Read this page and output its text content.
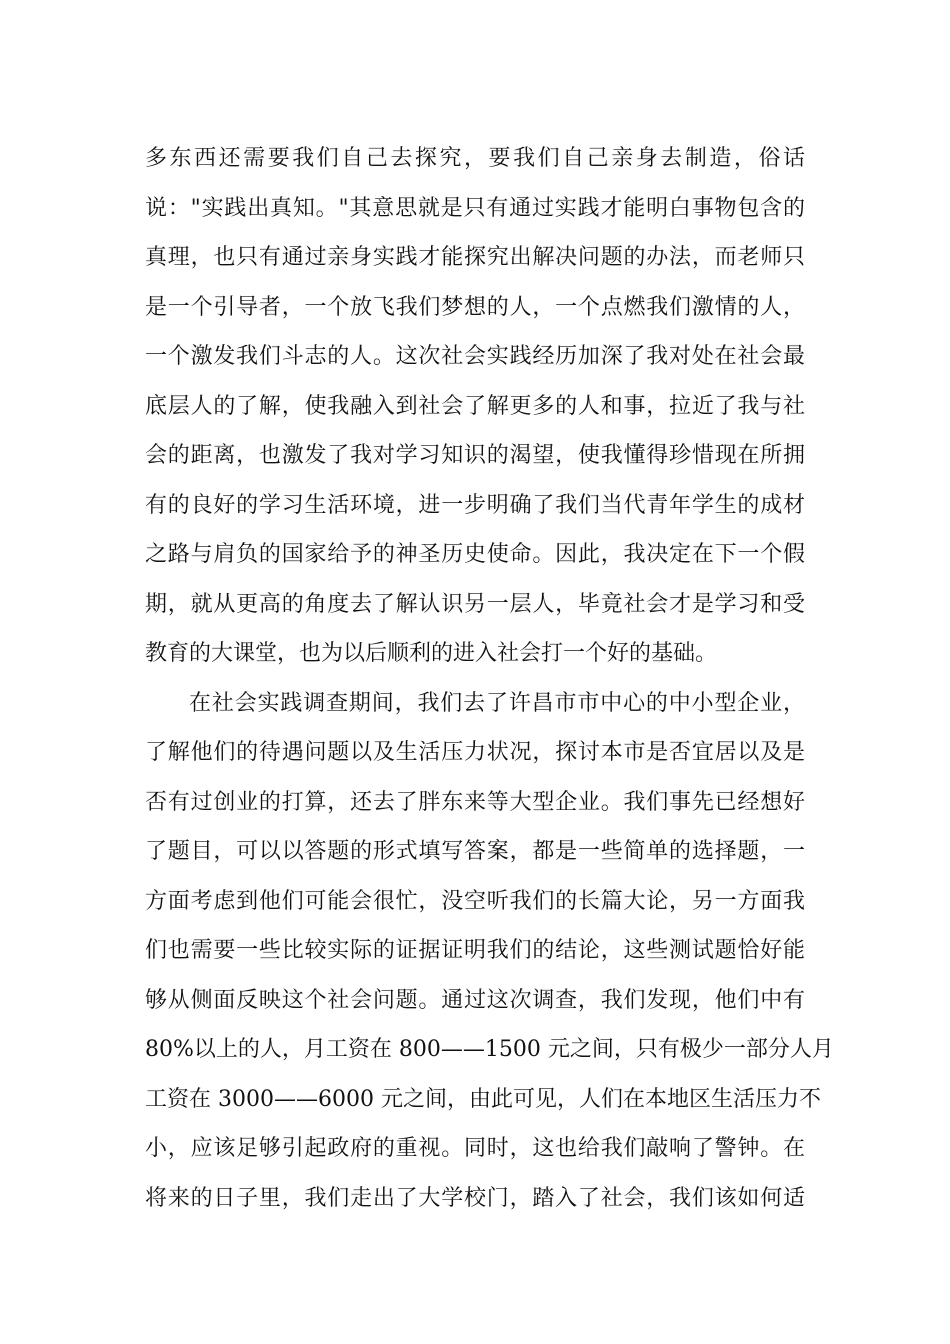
多东西还需要我们自己去探究，要我们自己亲身去制造，俗话
说："实践出真知。"其意思就是只有通过实践才能明白事物包含的
真理，也只有通过亲身实践才能探究出解决问题的办法，而老师只
是一个引导者，一个放飞我们梦想的人，一个点燃我们激情的人，
一个激发我们斗志的人。这次社会实践经历加深了我对处在社会最
底层人的了解，使我融入到社会了解更多的人和事，拉近了我与社
会的距离，也激发了我对学习知识的渴望，使我懂得珍惜现在所拥
有的良好的学习生活环境，进一步明确了我们当代青年学生的成材
之路与肩负的国家给予的神圣历史使命。因此，我决定在下一个假
期，就从更高的角度去了解认识另一层人，毕竟社会才是学习和受
教育的大课堂，也为以后顺利的进入社会打一个好的基础。
在社会实践调查期间，我们去了许昌市市中心的中小型企业，
了解他们的待遇问题以及生活压力状况，探讨本市是否宜居以及是
否有过创业的打算，还去了胖东来等大型企业。我们事先已经想好
了题目，可以以答题的形式填写答案，都是一些简单的选择题，一
方面考虑到他们可能会很忙，没空听我们的长篇大论，另一方面我
们也需要一些比较实际的证据证明我们的结论，这些测试题恰好能
够从侧面反映这个社会问题。通过这次调查，我们发现，他们中有
80%以上的人，月工资在 800——1500 元之间，只有极少一部分人月
工资在 3000——6000 元之间，由此可见，人们在本地区生活压力不
小，应该足够引起政府的重视。同时，这也给我们敲响了警钟。在
将来的日子里，我们走出了大学校门，踏入了社会，我们该如何适
